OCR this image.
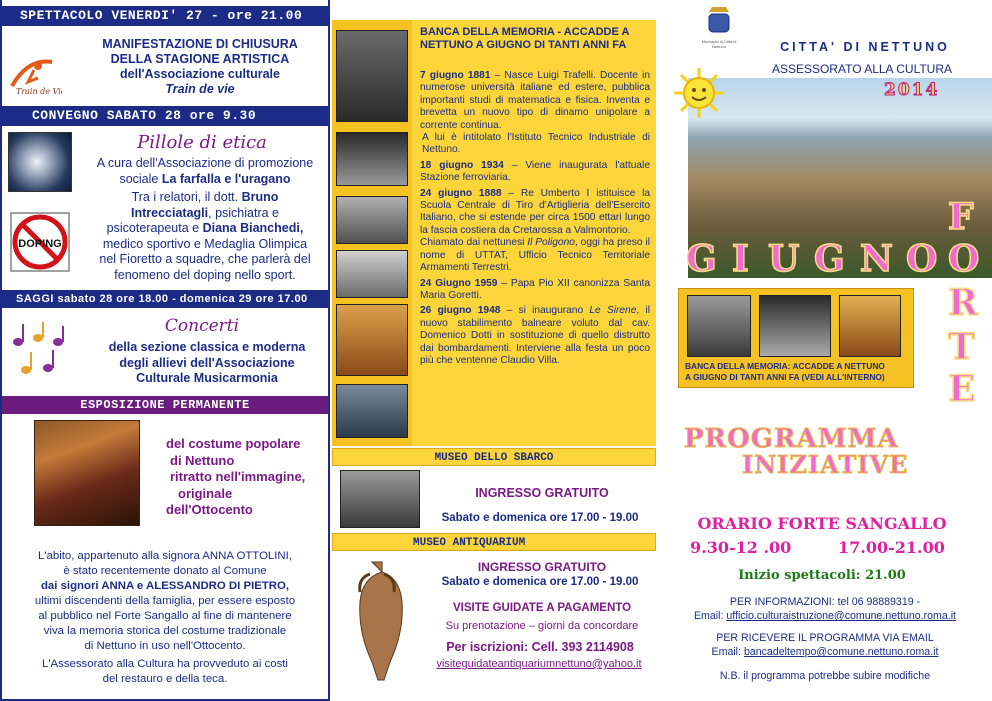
SPETTACOLO VENERDI' 27 - ore 21.00
Train de Vie
MANIFESTAZIONE DI CHIUSURA
DELLA STAGIONE ARTISTICA
dell'Associazione culturale
Train de vie
CONVEGNO SABATO 28 ore 9.30
DOPING
Pillole di etica
A cura dell'Associazione di promozione
sociale La farfalla e l'uragano
Tra i relatori, il dott. Bruno
Intrecciatagli, psichiatra e
psicoterapeuta e Diana Bianchedi,
medico sportivo e Medaglia Olimpica
nel Fioretto a squadre, che parlerà del
fenomeno del doping nello sport.
SAGGI sabato 28 ore 18.00 - domenica 29 ore 17.00
Concerti
della sezione classica e moderna
degli allievi dell'Associazione
Culturale Musicarmonia
ESPOSIZIONE PERMANENTE
del costume popolare
di Nettuno
ritratto nell'immagine,
originale
dell'Ottocento
L'abito, appartenuto alla signora ANNA OTTOLINI,
è stato recentemente donato al Comune
dai signori ANNA e ALESSANDRO DI PIETRO,
ultimi discendenti della famiglia, per essere esposto
al pubblico nel Forte Sangallo al fine di mantenere
viva la memoria storica del costume tradizionale
di Nettuno in uso nell'Ottocento.
L'Assessorato alla Cultura ha provveduto ai costi
del restauro e della teca.
BANCA DELLA MEMORIA - ACCADDE A
NETTUNO A GIUGNO DI TANTI ANNI FA

7 giugno 1881 – Nasce Luigi Trafelli. Docente in numerose università italiane ed estere, pubblica importanti studi di matematica e fisica. Inventa e brevetta un nuovo tipo di dinamo unipolare a corrente continua.

A lui è intitolato l'Istituto Tecnico Industriale di Nettuno.

18 giugno 1934 – Viene inaugurata l'attuale Stazione ferroviaria.

24 giugno 1888 – Re Umberto I istituisce la Scuola Centrale di Tiro d'Artiglieria dell'Esercito Italiano, che si estende per circa 1500 ettari lungo la fascia costiera da Cretarossa a Valmontorio.

Chiamato dai nettunesi Il Poligono, oggi ha preso il nome di UTTAT, Ufficio Tecnico Territoriale Armamenti Terrestri.

24 Giugno 1959 – Papa Pio XII canonizza Santa Maria Goretti.

26 giugno 1948 – si inaugurano Le Sirene, il nuovo stabilimento balneare voluto dal cav. Domenico Dotti in sostituzione di quello distrutto dai bombardamenti. Interviene alla festa un poco più che ventenne Claudio Villa.

MUSEO DELLO SBARCO
INGRESSO GRATUITO
Sabato e domenica ore 17.00 - 19.00
MUSEO ANTIQUARIUM
INGRESSO GRATUITO
Sabato e domenica ore 17.00 - 19.00
VISITE GUIDATE A PAGAMENTO
Su prenotazione – giorni da concordare
Per iscrizioni: Cell. 393 2114908
visiteguidateantiquariumnettuno@yahoo.it
Municipio di Città di Nettuno	CITTA' DI NETTUNO
ASSESSORATO ALLA CULTURA
2014
G I U G N O
F
O
R
T
E
BANCA DELLA MEMORIA: ACCADDE A NETTUNO
A GIUGNO DI TANTI ANNI FA (VEDI ALL'INTERNO)
PROGRAMMA
INIZIATIVE
ORARIO FORTE SANGALLO
9.30-12 .00	17.00-21.00
Inizio spettacoli: 21.00
PER INFORMAZIONI: tel 06 98889319 -
Email: ufficio.culturaistruzione@comune.nettuno.roma.it
PER RICEVERE IL PROGRAMMA VIA EMAIL
Email: bancadeltempo@comune.nettuno.roma.it
N.B. il programma potrebbe subire modifiche
